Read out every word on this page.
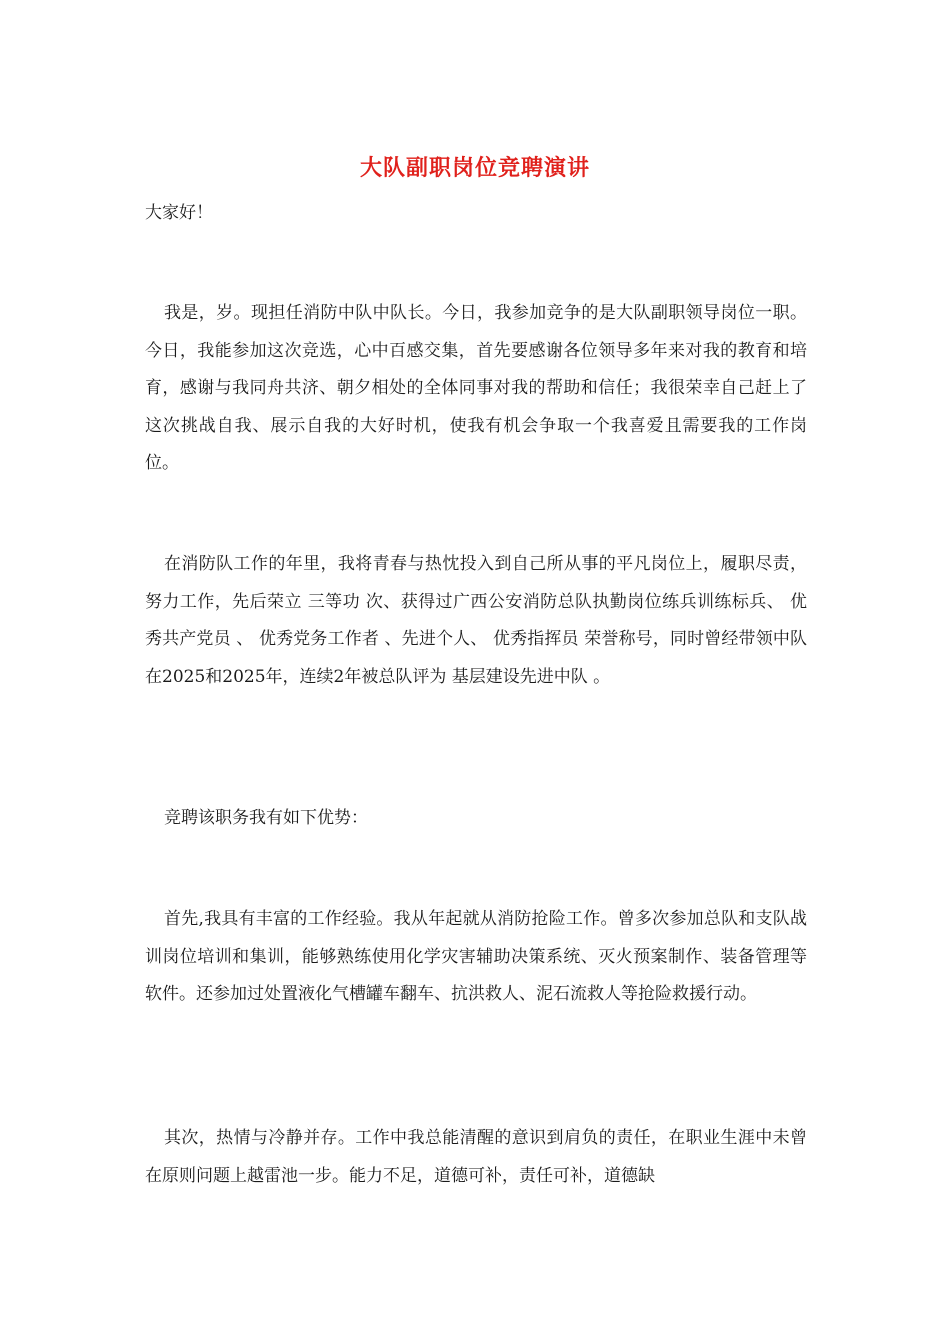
大队副职岗位竞聘演讲
大家好！

我是，岁。现担任消防中队中队长。今日，我参加竞争的是大队副职领导岗位一职。今日，我能参加这次竞选，心中百感交集，首先要感谢各位领导多年来对我的教育和培育，感谢与我同舟共济、朝夕相处的全体同事对我的帮助和信任；我很荣幸自己赶上了这次挑战自我、展示自我的大好时机，使我有机会争取一个我喜爱且需要我的工作岗位。

在消防队工作的年里，我将青春与热忱投入到自己所从事的平凡岗位上，履职尽责，努力工作，先后荣立 三等功 次、获得过广西公安消防总队执勤岗位练兵训练标兵、 优秀共产党员 、 优秀党务工作者 、先进个人、 优秀指挥员 荣誉称号，同时曾经带领中队在2025和2025年，连续2年被总队评为 基层建设先进中队 。

竞聘该职务我有如下优势：

首先,我具有丰富的工作经验。我从年起就从消防抢险工作。曾多次参加总队和支队战训岗位培训和集训，能够熟练使用化学灾害辅助决策系统、灭火预案制作、装备管理等软件。还参加过处置液化气槽罐车翻车、抗洪救人、泥石流救人等抢险救援行动。

其次，热情与冷静并存。工作中我总能清醒的意识到肩负的责任，在职业生涯中未曾在原则问题上越雷池一步。能力不足，道德可补，责任可补，道德缺
